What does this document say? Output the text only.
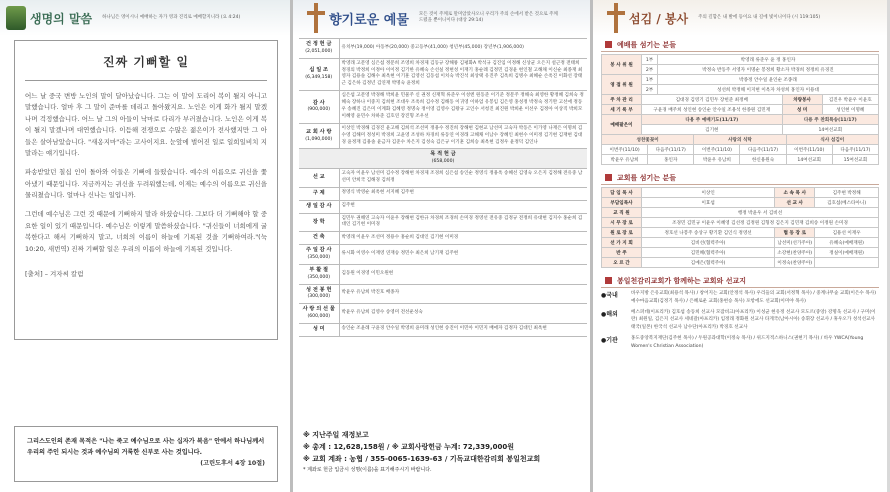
생명의 말씀 하나님은 영이시니 예배하는 자가 영과 진리로 예배할지니라 (요 4:24)
진짜 기뻐할 일

어느 날 중국 변방 노인의 말이 달아났습니다. 그는 이 말이 도리어 복이 될지 아니고 말했습니다. 얼마 후 그 말이 준마를 데리고 돌아왔지요. 노인은 이게 화가 될지 말겠나며 걱정했습니다. 어느 날 그의 아들이 낙마로 다리가 부러졌습니다. 노인은 이게 복이 될지 말겠나며 대연했습니다. 이듬해 전쟁으로 수많은 젊은이가 전사했지만 그 아들은 살아남았습니다. "새옹지마"라는 고사이지요. 눈앞에 벌어진 일로 일희일비치 지 말라는 얘기입니다.

파송받았던 칠십 인이 돌아와 이들은 기뻐에 들떴습니다. 예수의 이름으로 귀신을 쫓아냈기 때문입니다. 지금까지는 귀신을 두려워했는데, 이제는 예수의 이름으로 귀신을 물리쳤습니다. 얼마나 신나는 일입니까.

그런데 예수님은 그런 것 때문에 기뻐하지 말라 하셨습니다. 그보다 더 기뻐해야 할 중요한 일이 있기 때문입니다. 예수님은 이렇게 말씀하셨습니다. "귀신들이 너희에게 굴복한다고 해서 기뻐하지 말고, 너희의 이름이 하늘에 기록된 것을 기뻐하여라."(눅 10:20, 새번역) 진짜 기뻐할 일은 우리의 이름이 하늘에 기록된 것입니다.

[출처] – 겨자씨 칼럼
그리스도인의 존재 목적은 "나는 죽고 예수님으로 사는 십자가 복음" 안에서 하나님께서 우리의 주인 되시는 것과 예수님의 거룩한 신부로 사는 것입니다.
(고린도후서 4장 10절)
향기로운 예물 모든 것이 주께로 말미암았사오니 우리가 주의 손에서 받은 것으로 주께 드렸을 뿐이니이다 (대상 29:14)
건 정 헌 금
(2,051,000)	유치부(19,000) 아동부(20,000) 중고등부(41,000) 청년부(45,000) 장년부(1,906,000)

십 일 조
(6,349,158)	박영래 고문영 심은섭 정문희 조영희 차경제 김동규 장해룡 김평화A 박석규 김진임 이정해 신상균 오은지 설근정 전태희 정경의 박정희 이정아 이이정 김기한 유혜숙 손선실 정현성 이재기 홍순례 김정민 김경윤 현인철 고해채 이신순 최종재 최영자 김용솔 김해수 최옥현 이기훈 김영선 김동섭 이치숙 박진석 최상택 유진주 김옥희 김병수 최혜순 손옥진 이화선 장태근 김은하 김정년 김연재 박명숙 윤정희

감 사
(900,000)	심은섭 고문영 박경해 박희윤 민물주 신 권정 신재혁 류준우 이성엔 원동준 이기준 정문주 정해숙 최영한 황정혜 김희숙 정혜숙 장하나 이중지 김희현 조대우 조옥희 김수정 김해동 이귀영 이하엄 유봉임 김은영 홍성정 박정숙 정기완 고선애 정동우 송혜진 김은미 이계화 김혜영 정명숙 정이영 김영수 김왕규 고인수 서청진 최진원 박희운 이선우 김정아 이상직 박희모 이혜영 윤민수 차하준 김호연 장진형 조우선

교 회 사 랑
(1,090,000)	이상인 박경해 김경진 윤고해 김희석 조선미 정용수 정진희 장해현 김현교 남선미 고숙자 박동은 이가영 나재은 이명희 김수영 김해미 정성미 박경희 고윤영 조성하 차경희 류동연 이경래 고해채 이남수 장혜인 최현수 이미정 김기현 김재현 김대경 윤정재 김용솔 윤금자 김준수 차은지 김성숙 김은규 이기훈 김희승 최옥현 김정우 윤정덕 김인나

목 적 헌 금
(658,000)	

선 교	고숙자 이윤우 남선미 김수정 장해현 차경제 조경희 심은섭 송인순 정영식 정용옥 송혜선 김영숙 오은지 김정해 전유중 남선미 안희국 김해경 김희정

구 제	정영식 박영순 최옥현 서지혜 김주현

생 일 감 사	김주현

장 학	김민두 권해연 고숙자 이윤우 장해현 김한규 차경희 조경희 손미경 정영선 전유중 김정규 전정희 유대현 김지수 홍순희 김대인 김기현 이미경

건 축	박영래 이윤우 조선미 정용수 홍순희 김대인 김기현 이미경

주 일 감 사
(350,000)	류시화 이영수 이재영 연재승 정민수 최은희 남기재 김주현

부 활 절
(350,000)	김동원 이경영 이민오원현

성 전 봉 헌
(300,000)	박윤우 유남희 박진호 배종자

사 랑 의 선 물
(600,000)	박윤우 유남희 김영수 송영미 전선운성숙

성 미	송인순 조윤례 구윤경 안수일 박영희 윤미래 성인현 송진이 이민아 이민지 배애자 김정자 김대인 최옥현
※ 지난주일 재정보고
※ 총계 : 12,628,158원 / ※ 교회사랑헌금 누계: 72,339,000원
※ 교회 계좌 : 농협 / 355-0065-1639-63 / 기독교대한감리회 봉일천교회
* 계좌로 헌금 입금시 성명(이름)을 표기해주시기 바랍니다.
섬김 / 봉사 주의 길함은 내 발에 등이요 내 길에 빛이니이다 (시 119:105)
예배를 섬기는 분들
봉 사 위 원	1부	박영래 류준우 윤 정 홍인자		
	2부	박정숙 반동주 서영자 이명순 봉정희 황소자 박경희 정정희 유경진		
영 접 위 원	1부	박종정 안수일 윤인순 조종래		
	2부	성선희 박정해 이지현 이옥자 차성희 홍인자 이용대		
주 차 관 리	김대경 김영기 김민두 장헌준 최정배		차량봉사	김진우 박윤우 이윤호
세 기 록 부	구윤경 배주희 성인현 송인순 안수일 조용석 한종원 김민재		성 미	성인현 이명혜
예배팥은이	다용 주 예배기도(11/17)		다용 주 찬회특송(11/17)	
	김기현		14여선교회	
성찬꽃꽂이		사랑의 식탁		식사 섬김이	
이번주(11/10)	다음주(11/17)	이번주(11/10)	다음주(11/17)	이번주(11/10)	다음주(11/17)
박윤우 유남희	홍인자	박윤우 유남희	한신용원숙	14여선교회	15여선교회
교회를 섬기는 분들
담 임 목 사	이상인	소 속 목 사	김주현 박정해
부담임목사	이효섭	선 교 사	김호섭(베스타아니)
교 직 원	행정 박윤우 서 김비선		
시 무 장 로	조경민 김민규 이윤우 이혜영 김선정 김정원 김형정 김은지 김민재 김희송 이정원 손미경		
원 로 장 로	정호선 나봉주 송상구 황기환 김인식 정영선	협 동 장 로	김용선 이재우
선 가 지 회	김비선(협력주아)	남선미(선가주아)	유혜숙(예배재원)
반 주	김민혜(협력주아)	소강현(찬양주아)	정실이(예배재원)
오 르 간	김예은(협력주아)	이정숙(찬양주아)	
봉일천감리교회가 함께하는 교회와 선교지
●국내	바우지방 은유교회(최용석 목사) / 창어지는 교회(안정석 목사) 우리들의 교회(서정혁 목사) / 중계나무숲 교회(이은수 목사) 예수마음교회(김정기 목사) / 은혜로운 교회(홍현승 목사) 포항에도 선교회(이미야 목사)
●해외	베스퍼데(이프리카) 김호섭 송동희 선교사 모잠비크(아프리카) 이성균 현유정 선교사 모도르(중앙) 강명욱 선교사 / 구미(이란) 최원일, 김은지 선교사 세네갈(아프리카) 임정래 정화원 선교사 타게국(남아시아) 송휘장 선교사 / 휴우오가 성석선교사 태국(일본) 한국석 선교사 남수단(아프리카) 박경호 선교사
●기관	홍도중앙복지재단(김주현 목사) / 두원공과대학(이정숙 목사) / 위드지적스하니스(권현기 목사) / 바우 YWCA(Young Women's Christian Association)
